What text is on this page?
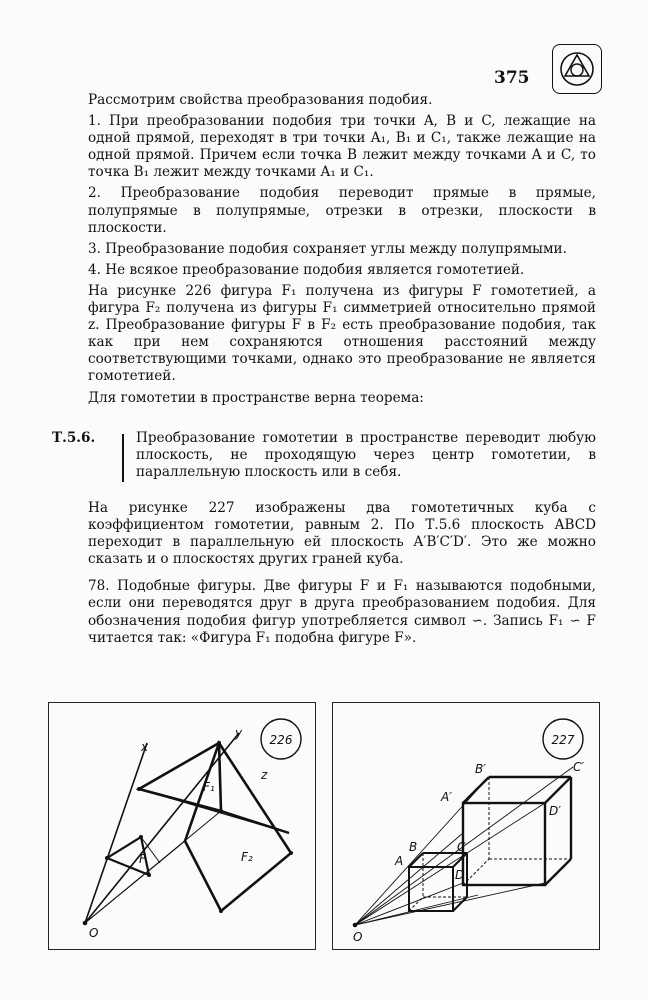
375

Рассмотрим свойства преобразования подобия.

1. При преобразовании подобия три точки A, B и C, лежащие на одной прямой, переходят в три точки A₁, B₁ и C₁, также лежащие на одной прямой. Причем если точка B лежит между точками A и C, то точка B₁ лежит между точками A₁ и C₁.

2. Преобразование подобия переводит прямые в прямые, полупрямые в полупрямые, отрезки в отрезки, плоскости в плоскости.

3. Преобразование подобия сохраняет углы между полупрямыми.

4. Не всякое преобразование подобия является гомотетией.

На рисунке 226 фигура F₁ получена из фигуры F гомотетией, а фигура F₂ получена из фигуры F₁ симметрией относительно прямой z. Преобразование фигуры F в F₂ есть преобразование подобия, так как при нем сохраняются отношения расстояний между соответствующими точками, однако это преобразование не является гомотетией.

Для гомотетии в пространстве верна теорема:

Т.5.6.	Преобразование гомотетии в пространстве переводит любую плоскость, не проходящую через центр гомотетии, в параллельную плоскость или в себя.

На рисунке 227 изображены два гомотетичных куба с коэффициентом гомотетии, равным 2. По Т.5.6 плоскость ABCD переходит в параллельную ей плоскость A′B′C′D′. Это же можно сказать и о плоскостях других граней куба.

78. Подобные фигуры. Две фигуры F и F₁ называются подобными, если они переводятся друг в друга преобразованием подобия. Для обозначения подобия фигур употребляется символ ∽. Запись F₁ ∽ F читается так: «Фигура F₁ подобна фигуре F».

226
x
y
z
F
F₁
F₂
O
227
A
B	C
D
A′
B′	C′
D′
O
